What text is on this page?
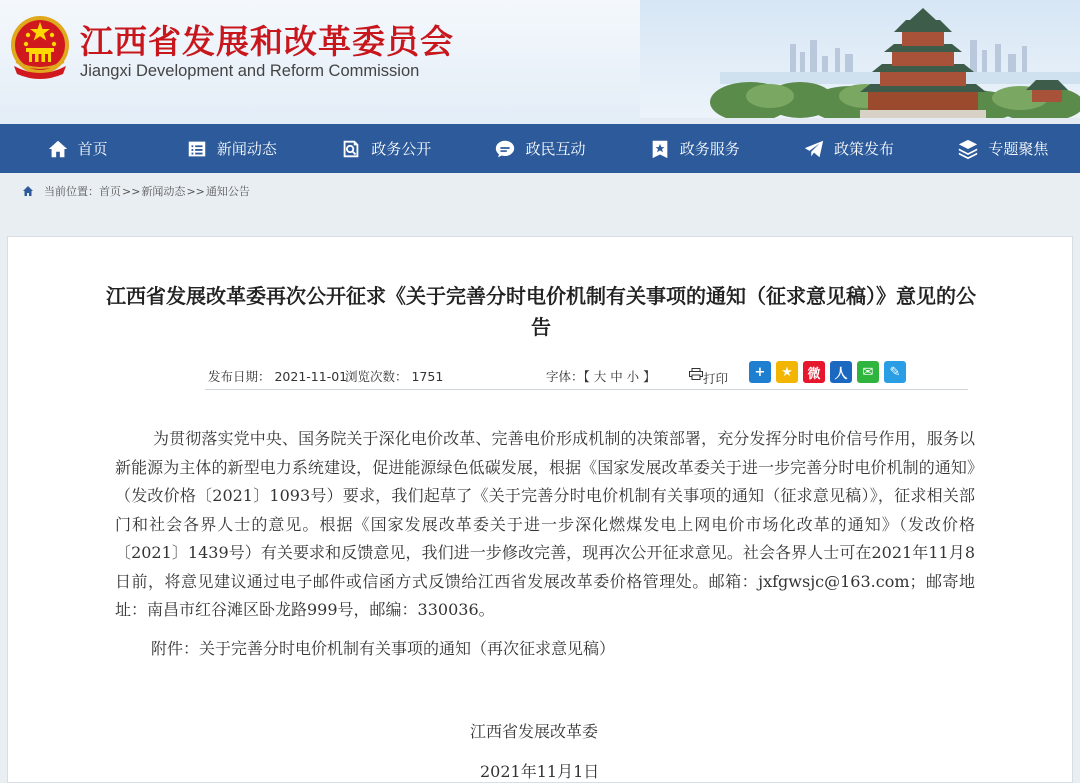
江西省发展和改革委员会
Jiangxi Development and Reform Commission
首页	新闻动态	政务公开	政民互动	政务服务	政策发布	专题聚焦
当前位置： 首页 >> 新闻动态 >> 通知公告
江西省发展改革委再次公开征求《关于完善分时电价机制有关事项的通知（征求意见稿）》意见的公告
发布日期： 2021-11-01
浏览次数： 1751	字体：【 大 中 小 】	打印	+	★	微	人	✉	✎

为贯彻落实党中央、国务院关于深化电价改革、完善电价形成机制的决策部署，充分发挥分时电价信号作用，服务以新能源为主体的新型电力系统建设，促进能源绿色低碳发展，根据《国家发展改革委关于进一步完善分时电价机制的通知》（发改价格〔2021〕1093号）要求，我们起草了《关于完善分时电价机制有关事项的通知（征求意见稿）》，征求相关部门和社会各界人士的意见。根据《国家发展改革委关于进一步深化燃煤发电上网电价市场化改革的通知》（发改价格〔2021〕1439号）有关要求和反馈意见，我们进一步修改完善，现再次公开征求意见。社会各界人士可在2021年11月8日前，将意见建议通过电子邮件或信函方式反馈给江西省发展改革委价格管理处。邮箱：jxfgwsjc@163.com；邮寄地址：南昌市红谷滩区卧龙路999号，邮编：330036。

附件：关于完善分时电价机制有关事项的通知（再次征求意见稿）

江西省发展改革委
2021年11月1日
